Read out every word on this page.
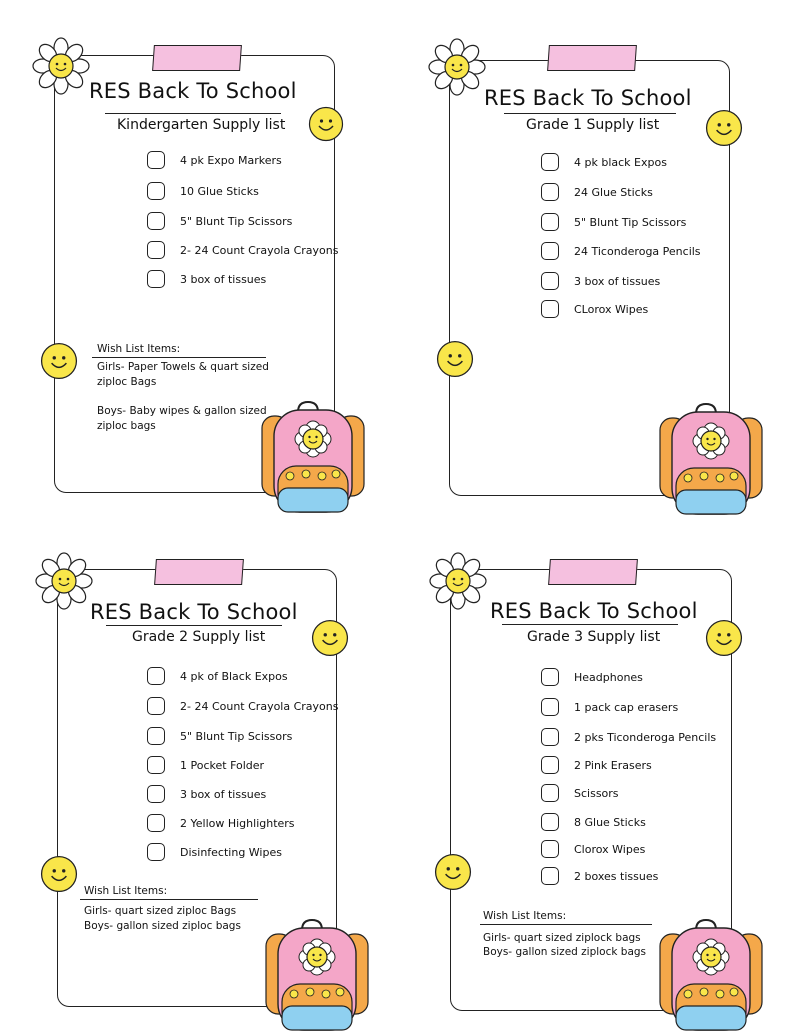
RES Back To School
Kindergarten Supply list
4 pk Expo Markers
10 Glue Sticks
5" Blunt Tip Scissors
2- 24 Count Crayola Crayons
3 box of tissues
Wish List Items:
Girls- Paper Towels & quart sized
ziploc Bags
Boys- Baby wipes & gallon sized
ziploc bags
RES Back To School
Grade 1 Supply list
4 pk black Expos
24 Glue Sticks
5" Blunt Tip Scissors
24 Ticonderoga Pencils
3 box of tissues
CLorox Wipes
RES Back To School
Grade 2 Supply list
4 pk of Black Expos
2- 24 Count Crayola Crayons
5" Blunt Tip Scissors
1 Pocket Folder
3 box of tissues
2 Yellow Highlighters
Disinfecting Wipes
Wish List Items:
Girls- quart sized ziploc Bags
Boys- gallon sized ziploc bags
RES Back To School
Grade 3 Supply list
Headphones
1 pack cap erasers
2 pks Ticonderoga Pencils
2 Pink Erasers
Scissors
8 Glue Sticks
Clorox Wipes
2 boxes tissues
Wish List Items:
Girls- quart sized ziplock bags
Boys- gallon sized ziplock bags
